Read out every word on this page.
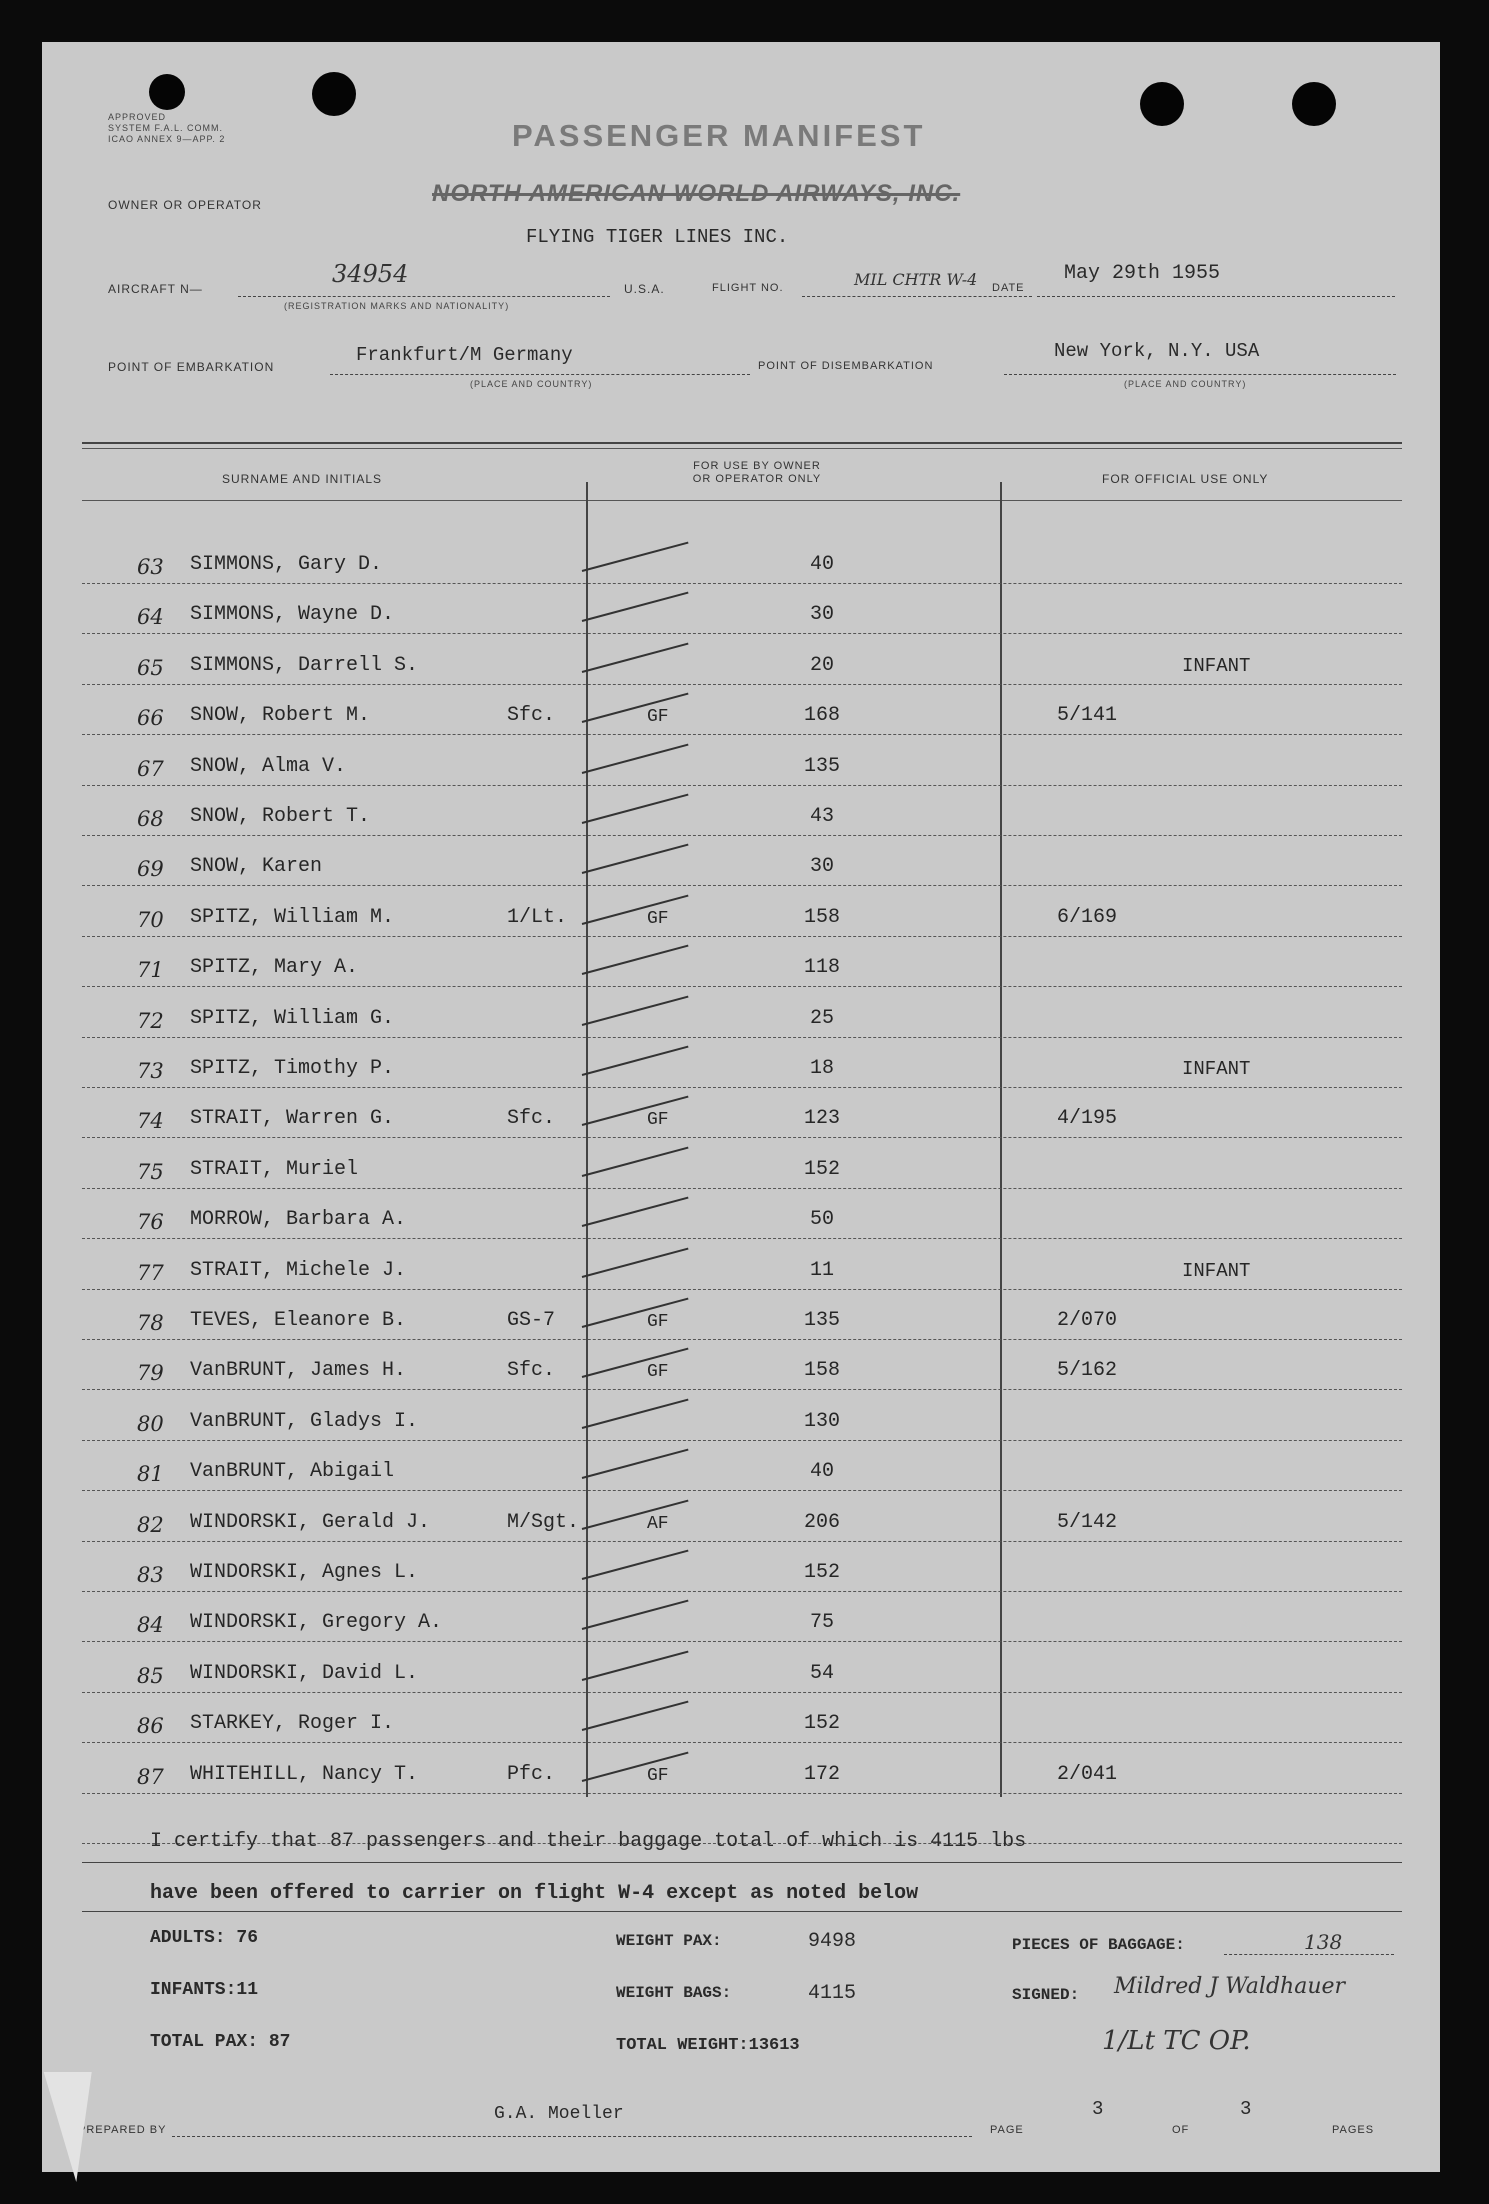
APPROVED
SYSTEM F.A.L. COMM.
ICAO ANNEX 9—APP. 2	PASSENGER MANIFEST
OWNER OR OPERATOR	NORTH AMERICAN WORLD AIRWAYS, INC.
FLYING TIGER LINES INC.
AIRCRAFT N—
34954
(REGISTRATION MARKS AND NATIONALITY)
U.S.A.	FLIGHT NO.	MIL CHTR W-4 DATE
May 29th 1955
POINT OF EMBARKATION
Frankfurt/M Germany
(PLACE AND COUNTRY)
POINT OF DISEMBARKATION
New York, N.Y. USA
(PLACE AND COUNTRY)
SURNAME AND INITIALS
FOR USE BY OWNER
OR OPERATOR ONLY	FOR OFFICIAL USE ONLY
63 SIMMONS, Gary D.	40
64 SIMMONS, Wayne D.	30
65 SIMMONS, Darrell S.	20	INFANT
66 SNOW, Robert M.	Sfc.	GF	168	5/141
67 SNOW, Alma V.	135
68 SNOW, Robert T.	43
69 SNOW, Karen	30
70 SPITZ, William M.	1/Lt.	GF	158	6/169
71 SPITZ, Mary A.	118
72 SPITZ, William G.	25
73 SPITZ, Timothy P.	18	INFANT
74 STRAIT, Warren G.	Sfc.	GF	123	4/195
75 STRAIT, Muriel	152
76 MORROW, Barbara A.	50
77 STRAIT, Michele J.	11	INFANT
78 TEVES, Eleanore B.	GS-7	GF	135	2/070
79 VanBRUNT, James H.	Sfc.	GF	158	5/162
80 VanBRUNT, Gladys I.	130
81 VanBRUNT, Abigail	40
82 WINDORSKI, Gerald J.	M/Sgt.	AF	206	5/142
83 WINDORSKI, Agnes L.	152
84 WINDORSKI, Gregory A.	75
85 WINDORSKI, David L.	54
86 STARKEY, Roger I.	152
87 WHITEHILL, Nancy T.	Pfc.	GF	172	2/041
I certify that 87 passengers and their baggage total of which is 4115 lbs
have been offered to carrier on flight W-4 except as noted below
ADULTS: 76
INFANTS:11
TOTAL PAX: 87
WEIGHT PAX:	9498
WEIGHT BAGS:	4115
TOTAL WEIGHT:13613
PIECES OF BAGGAGE:	138
SIGNED: Mildred J Waldhauer
1/Lt TC OP.
PREPARED BY
G.A. Moeller
PAGE
3
OF
3
PAGES
